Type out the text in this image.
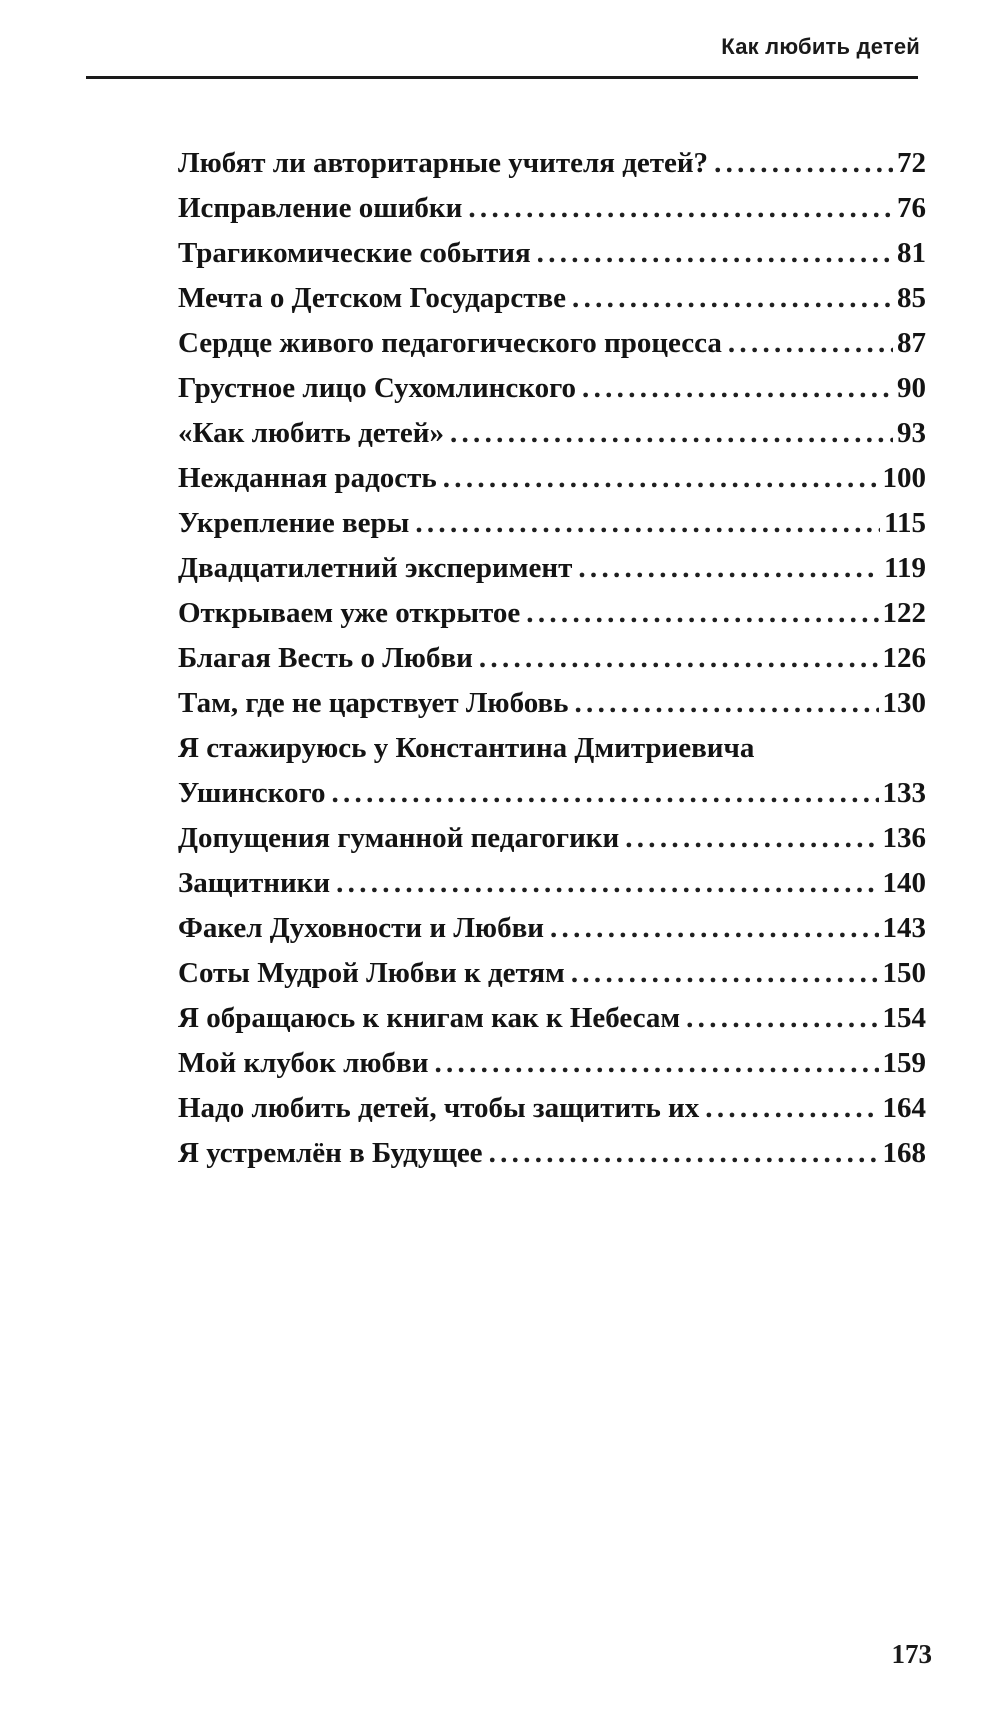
Как любить детей
Любят ли авторитарные учителя детей? .....	72
Исправление ошибки .....	76
Трагикомические события .....	81
Мечта о Детском Государстве .....	85
Сердце живого педагогического процесса .....	87
Грустное лицо Сухомлинского .....	90
«Как любить детей» .....	93
Нежданная радость .....	100
Укрепление веры .....	115
Двадцатилетний эксперимент .....	119
Открываем уже открытое .....	122
Благая Весть о Любви .....	126
Там, где не царствует Любовь .....	130
Я стажируюсь у Константина Дмитриевича
Ушинского .....	133
Допущения гуманной педагогики .....	136
Защитники .....	140
Факел Духовности и Любви .....	143
Соты Мудрой Любви к детям .....	150
Я обращаюсь к книгам как к Небесам .....	154
Мой клубок любви .....	159
Надо любить детей, чтобы защитить их .....	164
Я устремлён в Будущее .....	168
173
